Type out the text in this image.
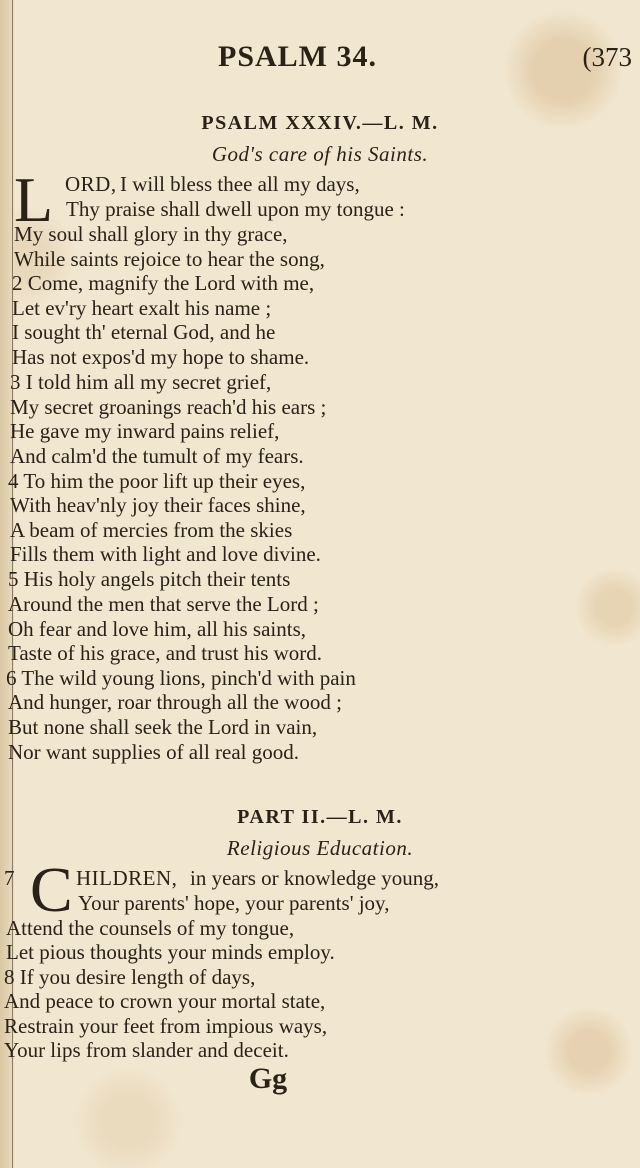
PSALM 34.	(373
PSALM XXXIV.—L. M.
God's care of his Saints.
L ORD, I will bless thee all my days,
Thy praise shall dwell upon my tongue :
My soul shall glory in thy grace,
While saints rejoice to hear the song,
2 Come, magnify the Lord with me,
Let ev'ry heart exalt his name ;
I sought th' eternal God, and he
Has not expos'd my hope to shame.
3 I told him all my secret grief,
My secret groanings reach'd his ears ;
He gave my inward pains relief,
And calm'd the tumult of my fears.
4 To him the poor lift up their eyes,
With heav'nly joy their faces shine,
A beam of mercies from the skies
Fills them with light and love divine.
5 His holy angels pitch their tents
Around the men that serve the Lord ;
Oh fear and love him, all his saints,
Taste of his grace, and trust his word.
6 The wild young lions, pinch'd with pain
And hunger, roar through all the wood ;
But none shall seek the Lord in vain,
Nor want supplies of all real good.
PART II.—L. M.
Religious Education.
7 C HILDREN, in years or knowledge young,
Your parents' hope, your parents' joy,
Attend the counsels of my tongue,
Let pious thoughts your minds employ.
8 If you desire length of days,
And peace to crown your mortal state,
Restrain your feet from impious ways,
Your lips from slander and deceit.
Gg
